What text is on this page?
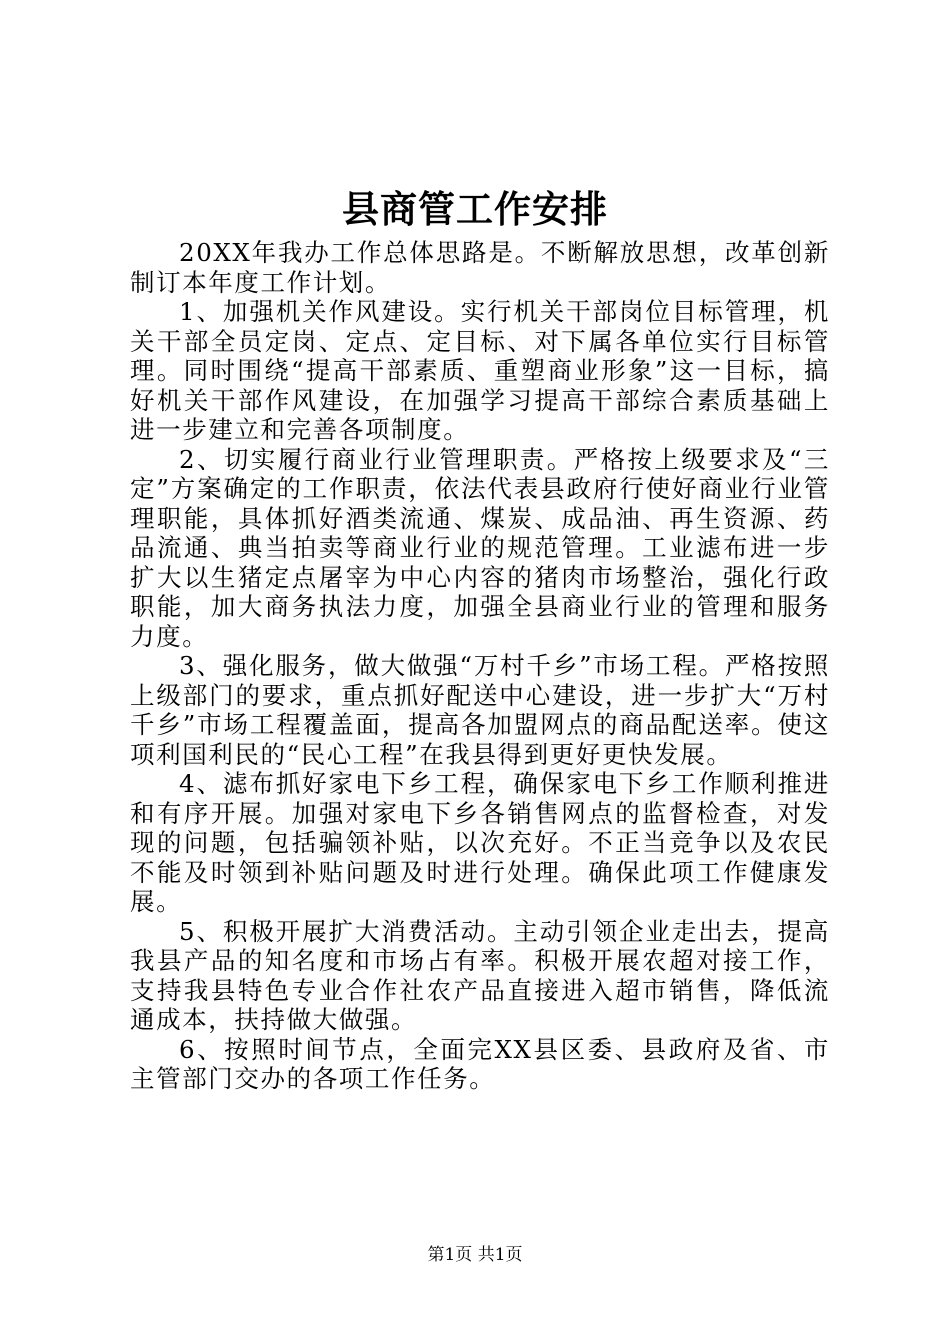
县商管工作安排

20XX年我办工作总体思路是。不断解放思想，改革创新制订本年度工作计划。

1、加强机关作风建设。实行机关干部岗位目标管理，机关干部全员定岗、定点、定目标、对下属各单位实行目标管理。同时围绕“提高干部素质、重塑商业形象”这一目标，搞好机关干部作风建设，在加强学习提高干部综合素质基础上进一步建立和完善各项制度。

2、切实履行商业行业管理职责。严格按上级要求及“三定”方案确定的工作职责，依法代表县政府行使好商业行业管理职能，具体抓好酒类流通、煤炭、成品油、再生资源、药品流通、典当拍卖等商业行业的规范管理。工业滤布进一步扩大以生猪定点屠宰为中心内容的猪肉市场整治，强化行政职能，加大商务执法力度，加强全县商业行业的管理和服务力度。

3、强化服务，做大做强“万村千乡”市场工程。严格按照上级部门的要求，重点抓好配送中心建设，进一步扩大“万村千乡”市场工程覆盖面，提高各加盟网点的商品配送率。使这项利国利民的“民心工程”在我县得到更好更快发展。

4、滤布抓好家电下乡工程，确保家电下乡工作顺利推进和有序开展。加强对家电下乡各销售网点的监督检查，对发现的问题，包括骗领补贴，以次充好。不正当竞争以及农民不能及时领到补贴问题及时进行处理。确保此项工作健康发展。

5、积极开展扩大消费活动。主动引领企业走出去，提高我县产品的知名度和市场占有率。积极开展农超对接工作，支持我县特色专业合作社农产品直接进入超市销售，降低流通成本，扶持做大做强。

6、按照时间节点，全面完XX县区委、县政府及省、市主管部门交办的各项工作任务。

第1页 共1页
